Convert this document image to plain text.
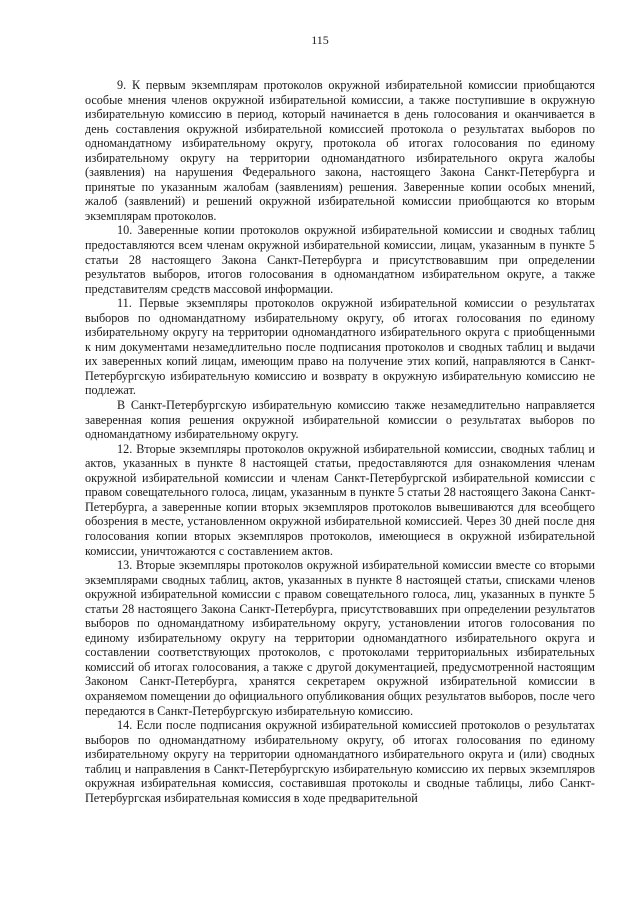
115

9. К первым экземплярам протоколов окружной избирательной комиссии приобщаются особые мнения членов окружной избирательной комиссии, а также поступившие в окружную избирательную комиссию в период, который начинается в день голосования и оканчивается в день составления окружной избирательной комиссией протокола о результатах выборов по одномандатному избирательному округу, протокола об итогах голосования по единому избирательному округу на территории одномандатного избирательного округа жалобы (заявления) на нарушения Федерального закона, настоящего Закона Санкт-Петербурга и принятые по указанным жалобам (заявлениям) решения. Заверенные копии особых мнений, жалоб (заявлений) и решений окружной избирательной комиссии приобщаются ко вторым экземплярам протоколов.

10. Заверенные копии протоколов окружной избирательной комиссии и сводных таблиц предоставляются всем членам окружной избирательной комиссии, лицам, указанным в пункте 5 статьи 28 настоящего Закона Санкт-Петербурга и присутствовавшим при определении результатов выборов, итогов голосования в одномандатном избирательном округе, а также представителям средств массовой информации.

11. Первые экземпляры протоколов окружной избирательной комиссии о результатах выборов по одномандатному избирательному округу, об итогах голосования по единому избирательному округу на территории одномандатного избирательного округа с приобщенными к ним документами незамедлительно после подписания протоколов и сводных таблиц и выдачи их заверенных копий лицам, имеющим право на получение этих копий, направляются в Санкт-Петербургскую избирательную комиссию и возврату в окружную избирательную комиссию не подлежат.

В Санкт-Петербургскую избирательную комиссию также незамедлительно направляется заверенная копия решения окружной избирательной комиссии о результатах выборов по одномандатному избирательному округу.

12. Вторые экземпляры протоколов окружной избирательной комиссии, сводных таблиц и актов, указанных в пункте 8 настоящей статьи, предоставляются для ознакомления членам окружной избирательной комиссии и членам Санкт-Петербургской избирательной комиссии с правом совещательного голоса, лицам, указанным в пункте 5 статьи 28 настоящего Закона Санкт-Петербурга, а заверенные копии вторых экземпляров протоколов вывешиваются для всеобщего обозрения в месте, установленном окружной избирательной комиссией. Через 30 дней после дня голосования копии вторых экземпляров протоколов, имеющиеся в окружной избирательной комиссии, уничтожаются с составлением актов.

13. Вторые экземпляры протоколов окружной избирательной комиссии вместе со вторыми экземплярами сводных таблиц, актов, указанных в пункте 8 настоящей статьи, списками членов окружной избирательной комиссии с правом совещательного голоса, лиц, указанных в пункте 5 статьи 28 настоящего Закона Санкт-Петербурга, присутствовавших при определении результатов выборов по одномандатному избирательному округу, установлении итогов голосования по единому избирательному округу на территории одномандатного избирательного округа и составлении соответствующих протоколов, с протоколами территориальных избирательных комиссий об итогах голосования, а также с другой документацией, предусмотренной настоящим Законом Санкт-Петербурга, хранятся секретарем окружной избирательной комиссии в охраняемом помещении до официального опубликования общих результатов выборов, после чего передаются в Санкт-Петербургскую избирательную комиссию.

14. Если после подписания окружной избирательной комиссией протоколов о результатах выборов по одномандатному избирательному округу, об итогах голосования по единому избирательному округу на территории одномандатного избирательного округа и (или) сводных таблиц и направления в Санкт-Петербургскую избирательную комиссию их первых экземпляров окружная избирательная комиссия, составившая протоколы и сводные таблицы, либо Санкт-Петербургская избирательная комиссия в ходе предварительной
